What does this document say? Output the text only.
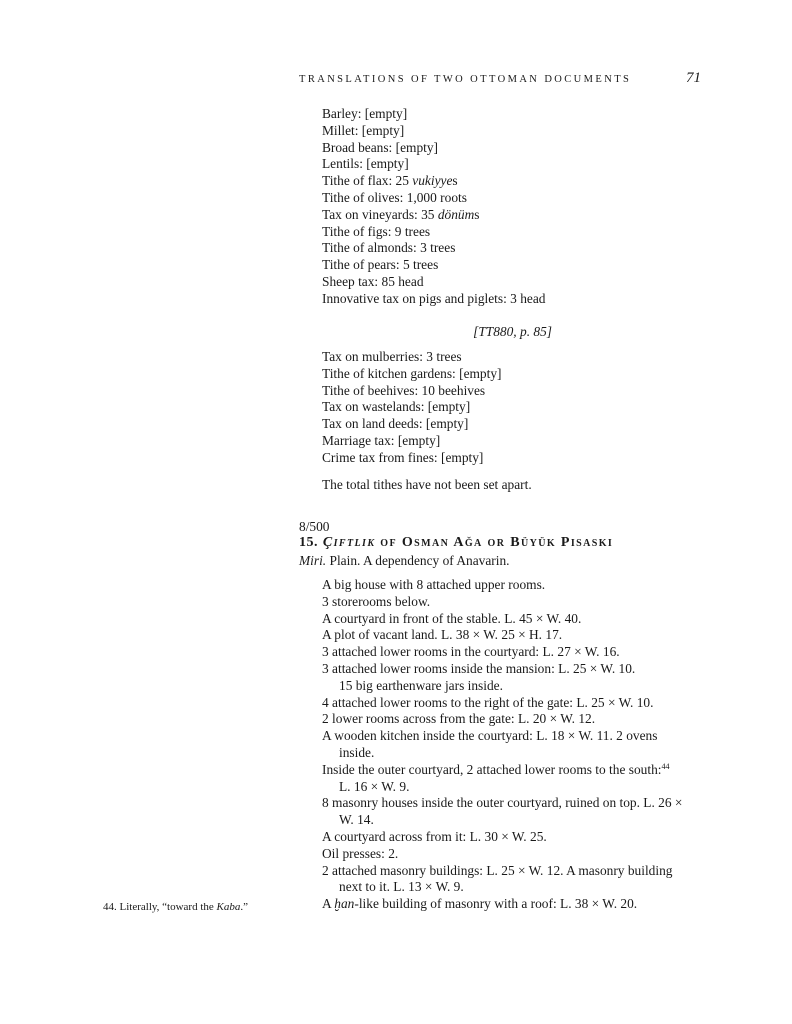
TRANSLATIONS OF TWO OTTOMAN DOCUMENTS	71
Barley: [empty]
Millet: [empty]
Broad beans: [empty]
Lentils: [empty]
Tithe of flax: 25 vukiyyes
Tithe of olives: 1,000 roots
Tax on vineyards: 35 dönüms
Tithe of figs: 9 trees
Tithe of almonds: 3 trees
Tithe of pears: 5 trees
Sheep tax: 85 head
Innovative tax on pigs and piglets: 3 head
[TT880, p. 85]
Tax on mulberries: 3 trees
Tithe of kitchen gardens: [empty]
Tithe of beehives: 10 beehives
Tax on wastelands: [empty]
Tax on land deeds: [empty]
Marriage tax: [empty]
Crime tax from fines: [empty]
The total tithes have not been set apart.
8/500
15. Çiftlik of Osman Ağa or Büyük Pisaski
Miri. Plain. A dependency of Anavarin.
A big house with 8 attached upper rooms.
3 storerooms below.
A courtyard in front of the stable. L. 45 × W. 40.
A plot of vacant land. L. 38 × W. 25 × H. 17.
3 attached lower rooms in the courtyard: L. 27 × W. 16.
3 attached lower rooms inside the mansion: L. 25 × W. 10.
15 big earthenware jars inside.
4 attached lower rooms to the right of the gate: L. 25 × W. 10.
2 lower rooms across from the gate: L. 20 × W. 12.
A wooden kitchen inside the courtyard: L. 18 × W. 11. 2 ovens
inside.
Inside the outer courtyard, 2 attached lower rooms to the south:$^{44}$
L. 16 × W. 9.
8 masonry houses inside the outer courtyard, ruined on top. L. 26 ×
W. 14.
A courtyard across from it: L. 30 × W. 25.
Oil presses: 2.
2 attached masonry buildings: L. 25 × W. 12. A masonry building
next to it. L. 13 × W. 9.
A ḫan-like building of masonry with a roof: L. 38 × W. 20.
44. Literally, “toward the Kaba.”
